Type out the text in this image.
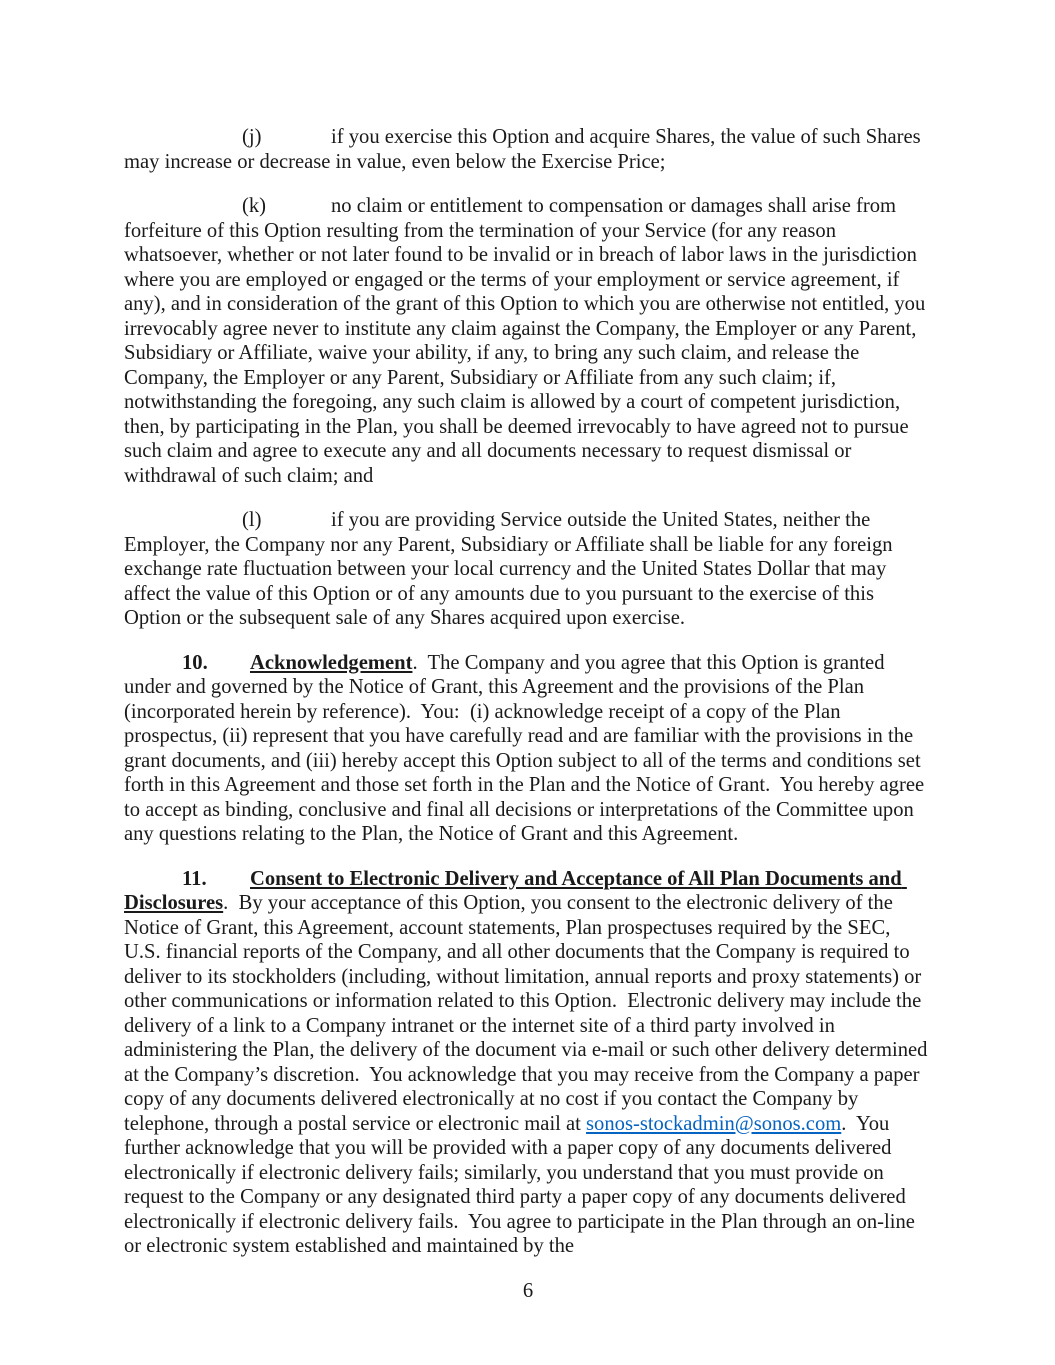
(j)	if you exercise this Option and acquire Shares, the value of such Shares may increase or decrease in value, even below the Exercise Price;

(k)	no claim or entitlement to compensation or damages shall arise from forfeiture of this Option resulting from the termination of your Service (for any reason whatsoever, whether or not later found to be invalid or in breach of labor laws in the jurisdiction where you are employed or engaged or the terms of your employment or service agreement, if any), and in consideration of the grant of this Option to which you are otherwise not entitled, you irrevocably agree never to institute any claim against the Company, the Employer or any Parent, Subsidiary or Affiliate, waive your ability, if any, to bring any such claim, and release the Company, the Employer or any Parent, Subsidiary or Affiliate from any such claim; if, notwithstanding the foregoing, any such claim is allowed by a court of competent jurisdiction, then, by participating in the Plan, you shall be deemed irrevocably to have agreed not to pursue such claim and agree to execute any and all documents necessary to request dismissal or withdrawal of such claim; and

(l)	if you are providing Service outside the United States, neither the Employer, the Company nor any Parent, Subsidiary or Affiliate shall be liable for any foreign exchange rate fluctuation between your local currency and the United States Dollar that may affect the value of this Option or of any amounts due to you pursuant to the exercise of this Option or the subsequent sale of any Shares acquired upon exercise.

10. Acknowledgement.  The Company and you agree that this Option is granted under and governed by the Notice of Grant, this Agreement and the provisions of the Plan (incorporated herein by reference).  You:  (i) acknowledge receipt of a copy of the Plan prospectus, (ii) represent that you have carefully read and are familiar with the provisions in the grant documents, and (iii) hereby accept this Option subject to all of the terms and conditions set forth in this Agreement and those set forth in the Plan and the Notice of Grant.  You hereby agree to accept as binding, conclusive and final all decisions or interpretations of the Committee upon any questions relating to the Plan, the Notice of Grant and this Agreement.

11. Consent to Electronic Delivery and Acceptance of All Plan Documents and Disclosures.  By your acceptance of this Option, you consent to the electronic delivery of the Notice of Grant, this Agreement, account statements, Plan prospectuses required by the SEC, U.S. financial reports of the Company, and all other documents that the Company is required to deliver to its stockholders (including, without limitation, annual reports and proxy statements) or other communications or information related to this Option.  Electronic delivery may include the delivery of a link to a Company intranet or the internet site of a third party involved in administering the Plan, the delivery of the document via e-mail or such other delivery determined at the Company’s discretion.  You acknowledge that you may receive from the Company a paper copy of any documents delivered electronically at no cost if you contact the Company by telephone, through a postal service or electronic mail at sonos-stockadmin@sonos.com.  You further acknowledge that you will be provided with a paper copy of any documents delivered electronically if electronic delivery fails; similarly, you understand that you must provide on request to the Company or any designated third party a paper copy of any documents delivered electronically if electronic delivery fails.  You agree to participate in the Plan through an on-line or electronic system established and maintained by the

6
